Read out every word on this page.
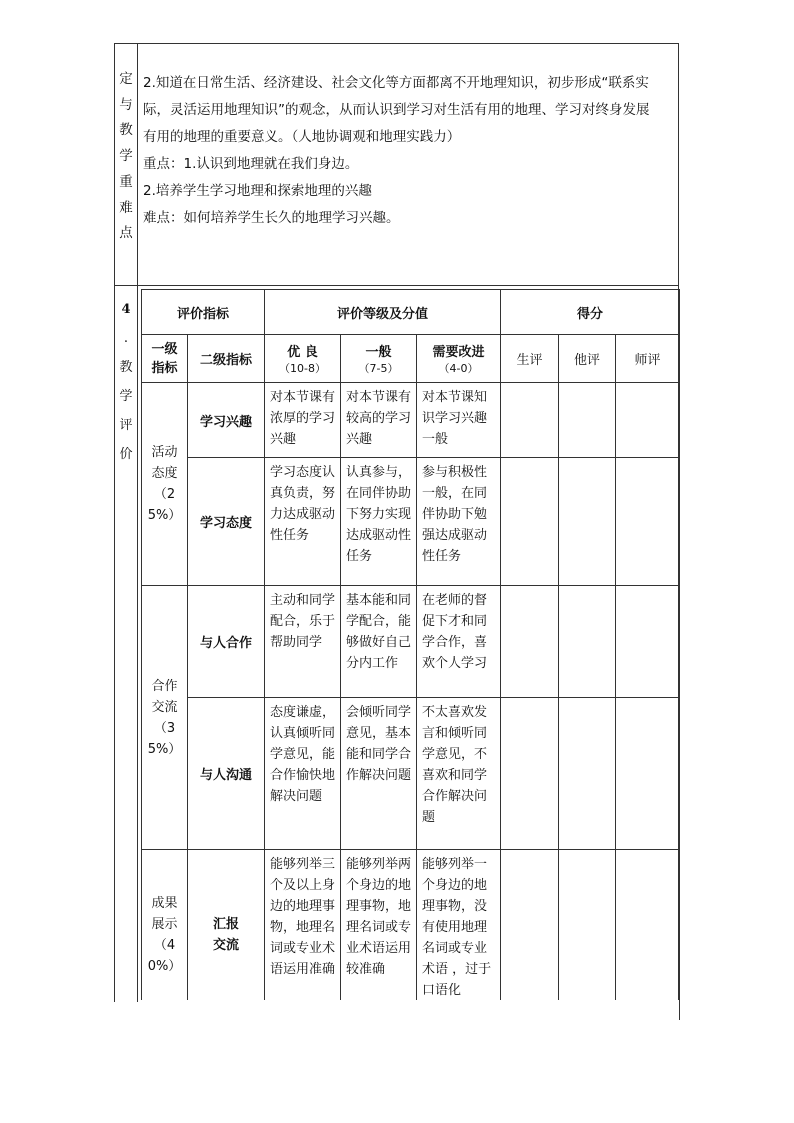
定
与
教
学
重
难
点

2.知道在日常生活、经济建设、社会文化等方面都离不开地理知识，初步形成“联系实

际，灵活运用地理知识”的观念，从而认识到学习对生活有用的地理、学习对终身发展

有用的地理的重要意义。（人地协调观和地理实践力）

重点：1.认识到地理就在我们身边。

2.培养学生学习地理和探索地理的兴趣

难点：如何培养学生长久的地理学习兴趣。

4
.
教
学
评
价
评价指标		评价等级及分值			得分		

一级指标	二级指标	优 良
（10-8）	一般
（7-5）	需要改进
（4-0）	生评	他评	师评

活动态度（25%）	学习兴趣	对本节课有浓厚的学习兴趣	对本节课有较高的学习兴趣	对本节课知识学习兴趣一般			
	学习态度	学习态度认真负责，努力达成驱动性任务	认真参与，在同伴协助下努力实现达成驱动性任务	参与积极性一般，在同伴协助下勉强达成驱动性任务			

合作交流（35%）	与人合作	主动和同学配合，乐于帮助同学	基本能和同学配合，能够做好自己分内工作	在老师的督促下才和同学合作，喜欢个人学习			
	与人沟通	态度谦虚，认真倾听同学意见，能合作愉快地解决问题	会倾听同学意见，基本能和同学合作解决问题	不太喜欢发言和倾听同学意见，不喜欢和同学合作解决问题			

成果展示（40%）	汇报交流	能够列举三个及以上身边的地理事物，地理名词或专业术语运用准确	能够列举两个身边的地理事物，地理名词或专业术语运用较准确	能够列举一个身边的地理事物，没有使用地理名词或专业术语 ，过于口语化			
